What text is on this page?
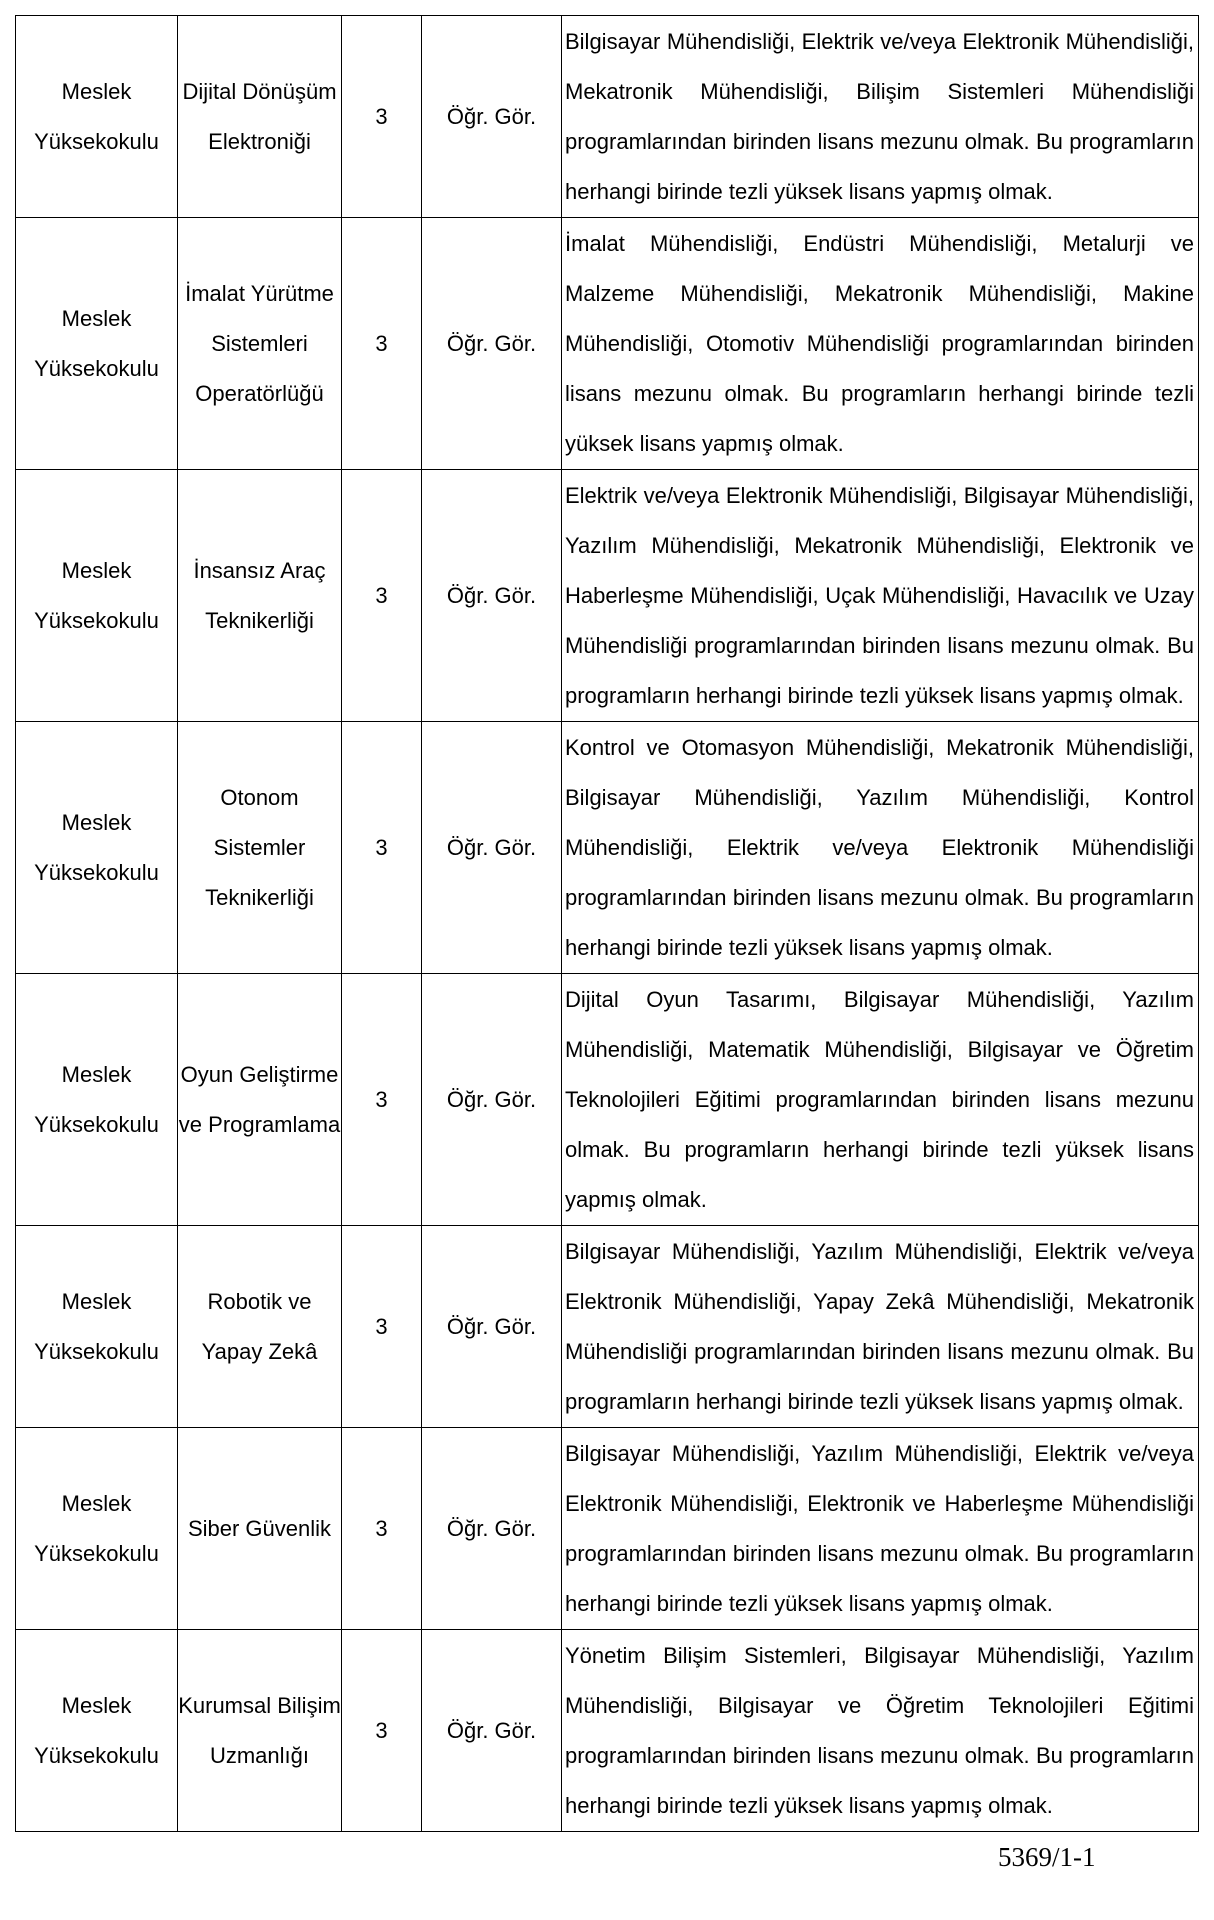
Meslek Yüksekokulu	Dijital Dönüşüm Elektroniği	3	Öğr. Gör.	Bilgisayar Mühendisliği, Elektrik ve/veya Elektronik Mühendisliği, Mekatronik Mühendisliği, Bilişim Sistemleri Mühendisliği programlarından birinden lisans mezunu olmak. Bu programların herhangi birinde tezli yüksek lisans yapmış olmak.
Meslek Yüksekokulu	İmalat Yürütme Sistemleri Operatörlüğü	3	Öğr. Gör.	İmalat Mühendisliği, Endüstri Mühendisliği, Metalurji ve Malzeme Mühendisliği, Mekatronik Mühendisliği, Makine Mühendisliği, Otomotiv Mühendisliği programlarından birinden lisans mezunu olmak. Bu programların herhangi birinde tezli yüksek lisans yapmış olmak.
Meslek Yüksekokulu	İnsansız Araç Teknikerliği	3	Öğr. Gör.	Elektrik ve/veya Elektronik Mühendisliği, Bilgisayar Mühendisliği, Yazılım Mühendisliği, Mekatronik Mühendisliği, Elektronik ve Haberleşme Mühendisliği, Uçak Mühendisliği, Havacılık ve Uzay Mühendisliği programlarından birinden lisans mezunu olmak. Bu programların herhangi birinde tezli yüksek lisans yapmış olmak.
Meslek Yüksekokulu	Otonom Sistemler Teknikerliği	3	Öğr. Gör.	Kontrol ve Otomasyon Mühendisliği, Mekatronik Mühendisliği, Bilgisayar Mühendisliği, Yazılım Mühendisliği, Kontrol Mühendisliği, Elektrik ve/veya Elektronik Mühendisliği programlarından birinden lisans mezunu olmak. Bu programların herhangi birinde tezli yüksek lisans yapmış olmak.
Meslek Yüksekokulu	Oyun Geliştirme ve Programlama	3	Öğr. Gör.	Dijital Oyun Tasarımı, Bilgisayar Mühendisliği, Yazılım Mühendisliği, Matematik Mühendisliği, Bilgisayar ve Öğretim Teknolojileri Eğitimi programlarından birinden lisans mezunu olmak. Bu programların herhangi birinde tezli yüksek lisans yapmış olmak.
Meslek Yüksekokulu	Robotik ve Yapay Zekâ	3	Öğr. Gör.	Bilgisayar Mühendisliği, Yazılım Mühendisliği, Elektrik ve/veya Elektronik Mühendisliği, Yapay Zekâ Mühendisliği, Mekatronik Mühendisliği programlarından birinden lisans mezunu olmak. Bu programların herhangi birinde tezli yüksek lisans yapmış olmak.
Meslek Yüksekokulu	Siber Güvenlik	3	Öğr. Gör.	Bilgisayar Mühendisliği, Yazılım Mühendisliği, Elektrik ve/veya Elektronik Mühendisliği, Elektronik ve Haberleşme Mühendisliği programlarından birinden lisans mezunu olmak. Bu programların herhangi birinde tezli yüksek lisans yapmış olmak.
Meslek Yüksekokulu	Kurumsal Bilişim Uzmanlığı	3	Öğr. Gör.	Yönetim Bilişim Sistemleri, Bilgisayar Mühendisliği, Yazılım Mühendisliği, Bilgisayar ve Öğretim Teknolojileri Eğitimi programlarından birinden lisans mezunu olmak. Bu programların herhangi birinde tezli yüksek lisans yapmış olmak.
5369/1-1
